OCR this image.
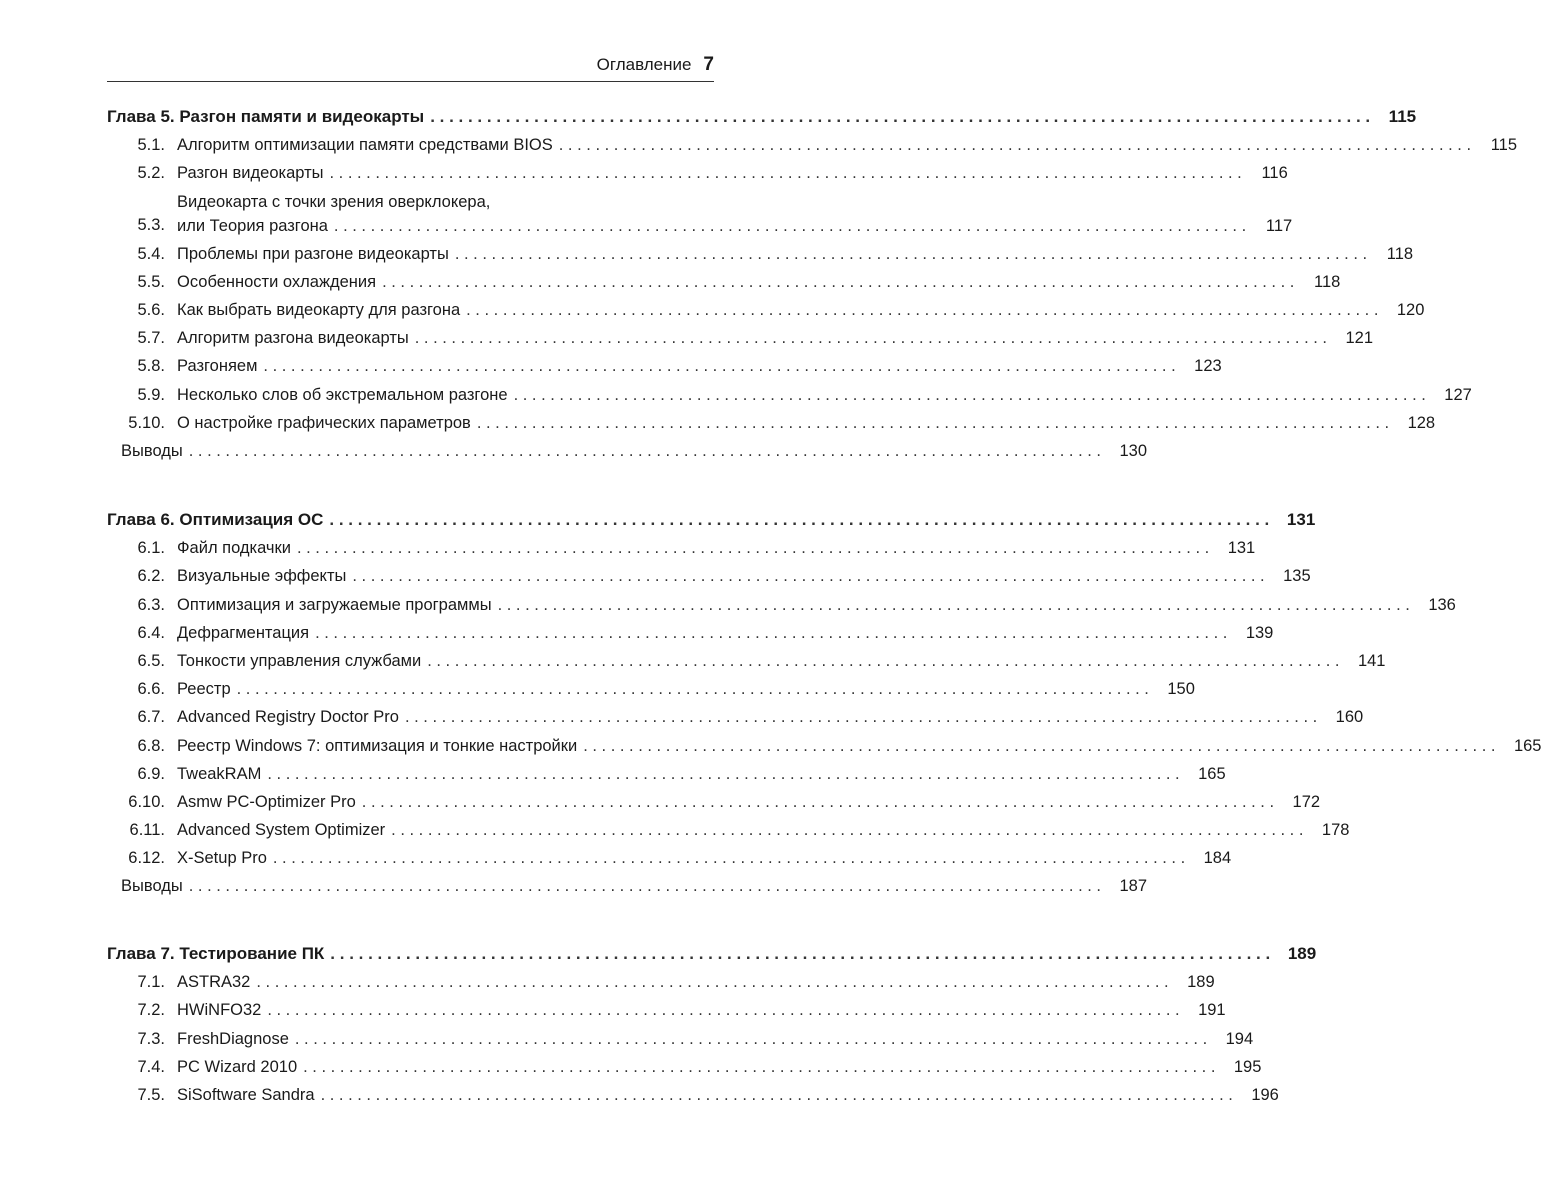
Оглавление 7
Глава 5. Разгон памяти и видеокарты . . .	115
5.1. Алгоритм оптимизации памяти средствами BIOS . . .	115
5.2. Разгон видеокарты . . .	116
5.3.
Видеокарта с точки зрения оверклокера,
или Теория разгона . . .	117
5.4. Проблемы при разгоне видеокарты . . .	118
5.5. Особенности охлаждения . . .	118
5.6. Как выбрать видеокарту для разгона . . .	120
5.7. Алгоритм разгона видеокарты . . .	121
5.8. Разгоняем . . .	123
5.9. Несколько слов об экстремальном разгоне . . .	127
5.10. О настройке графических параметров . . .	128
Выводы . . .	130
Глава 6. Оптимизация ОС . . .	131
6.1. Файл подкачки . . .	131
6.2. Визуальные эффекты . . .	135
6.3. Оптимизация и загружаемые программы . . .	136
6.4. Дефрагментация . . .	139
6.5. Тонкости управления службами . . .	141
6.6. Реестр . . .	150
6.7. Advanced Registry Doctor Pro . . .	160
6.8. Реестр Windows 7: оптимизация и тонкие настройки . . .	165
6.9. TweakRAM . . .	165
6.10. Asmw PC-Optimizer Pro . . .	172
6.11. Advanced System Optimizer . . .	178
6.12. X-Setup Pro . . .	184
Выводы . . .	187
Глава 7. Тестирование ПК . . .	189
7.1. ASTRA32 . . .	189
7.2. HWiNFO32 . . .	191
7.3. FreshDiagnose . . .	194
7.4. PC Wizard 2010 . . .	195
7.5. SiSoftware Sandra . . .	196
